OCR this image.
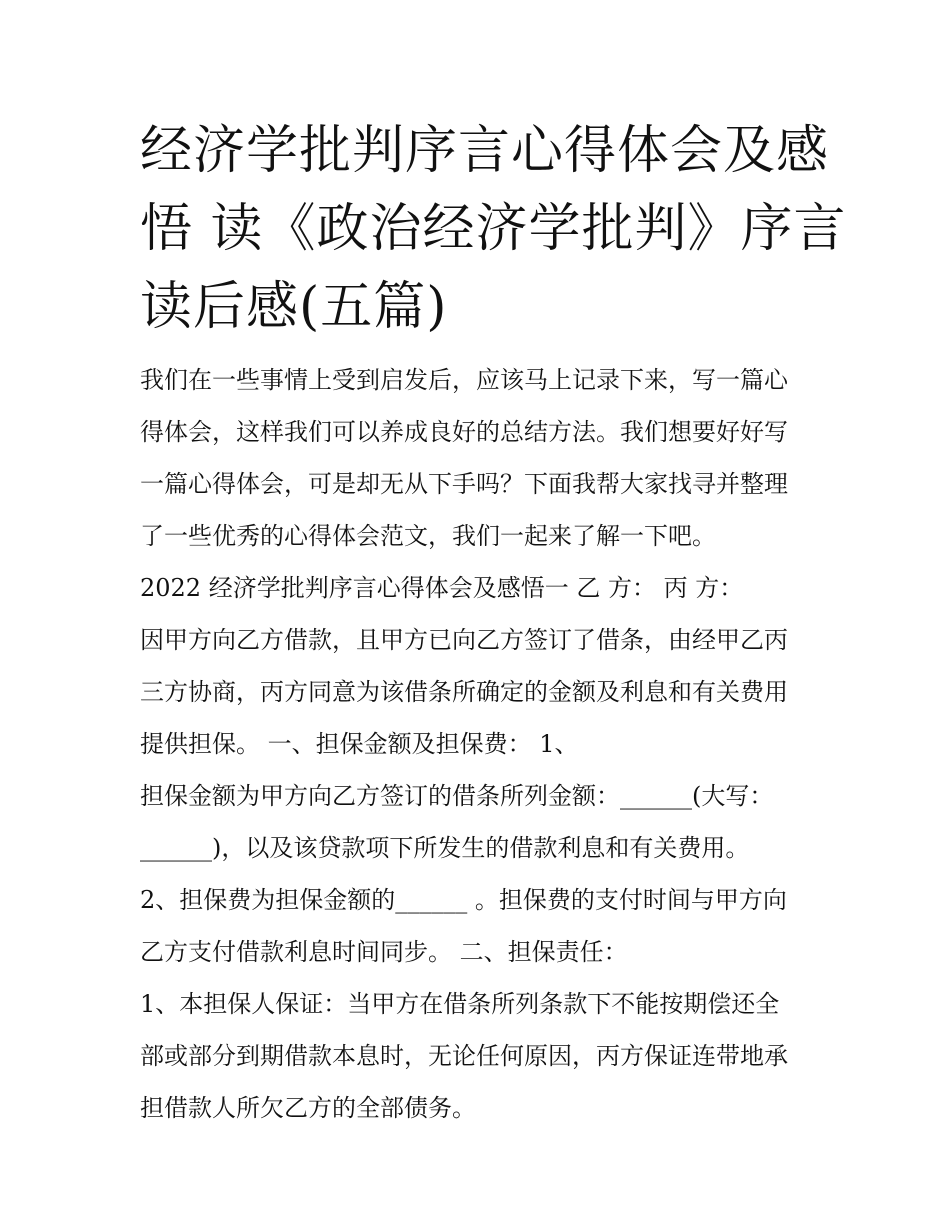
经济学批判序言心得体会及感
悟 读《政治经济学批判》序言
读后感(五篇)
我们在一些事情上受到启发后，应该马上记录下来，写一篇心
得体会，这样我们可以养成良好的总结方法。我们想要好好写
一篇心得体会，可是却无从下手吗？下面我帮大家找寻并整理
了一些优秀的心得体会范文，我们一起来了解一下吧。
2022 经济学批判序言心得体会及感悟一 乙 方： 丙 方：
因甲方向乙方借款，且甲方已向乙方签订了借条，由经甲乙丙
三方协商，丙方同意为该借条所确定的金额及利息和有关费用
提供担保。 一、担保金额及担保费： 1、
担保金额为甲方向乙方签订的借条所列金额：______(大写：
______)，以及该贷款项下所发生的借款利息和有关费用。
2、担保费为担保金额的______ 。担保费的支付时间与甲方向
乙方支付借款利息时间同步。 二、担保责任：
1、本担保人保证：当甲方在借条所列条款下不能按期偿还全
部或部分到期借款本息时，无论任何原因，丙方保证连带地承
担借款人所欠乙方的全部债务。
